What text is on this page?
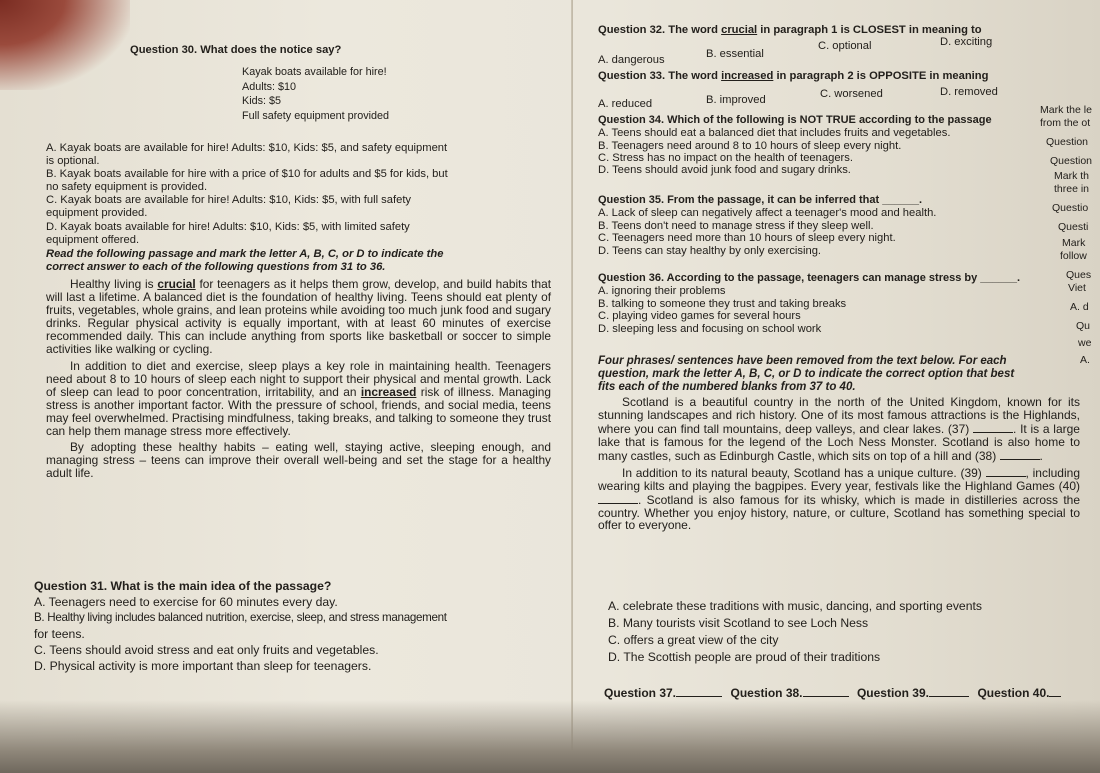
Question 30. What does the notice say?

Kayak boats available for hire!
Adults: $10
Kids: $5
Full safety equipment provided

A. Kayak boats are available for hire! Adults: $10, Kids: $5, and safety equipment

is optional.

B. Kayak boats available for hire with a price of $10 for adults and $5 for kids, but

no safety equipment is provided.

C. Kayak boats are available for hire! Adults: $10, Kids: $5, with full safety

equipment provided.

D. Kayak boats available for hire! Adults: $10, Kids: $5, with limited safety

equipment offered.

Read the following passage and mark the letter A, B, C, or D to indicate the

correct answer to each of the following questions from 31 to 36.

Healthy living is crucial for teenagers as it helps them grow, develop, and build habits that will last a lifetime. A balanced diet is the foundation of healthy living. Teens should eat plenty of fruits, vegetables, whole grains, and lean proteins while avoiding too much junk food and sugary drinks. Regular physical activity is equally important, with at least 60 minutes of exercise recommended daily. This can include anything from sports like basketball or soccer to simple activities like walking or cycling.

In addition to diet and exercise, sleep plays a key role in maintaining health. Teenagers need about 8 to 10 hours of sleep each night to support their physical and mental growth. Lack of sleep can lead to poor concentration, irritability, and an increased risk of illness. Managing stress is another important factor. With the pressure of school, friends, and social media, teens may feel overwhelmed. Practising mindfulness, taking breaks, and talking to someone they trust can help them manage stress more effectively.

By adopting these healthy habits – eating well, staying active, sleeping enough, and managing stress – teens can improve their overall well-being and set the stage for a healthy adult life.

Question 31. What is the main idea of the passage?

A. Teenagers need to exercise for 60 minutes every day.

B. Healthy living includes balanced nutrition, exercise, sleep, and stress management

for teens.

C. Teens should avoid stress and eat only fruits and vegetables.

D. Physical activity is more important than sleep for teenagers.

Question 32. The word crucial in paragraph 1 is CLOSEST in meaning to

A. dangerous	B. essential
C. optional	D. exciting

Question 33. The word increased in paragraph 2 is OPPOSITE in meaning

A. reduced	B. improved	C. worsened	D. removed

Question 34. Which of the following is NOT TRUE according to the passage

A. Teens should eat a balanced diet that includes fruits and vegetables.

B. Teenagers need around 8 to 10 hours of sleep every night.

C. Stress has no impact on the health of teenagers.

D. Teens should avoid junk food and sugary drinks.

Question 35. From the passage, it can be inferred that ______.

A. Lack of sleep can negatively affect a teenager's mood and health.

B. Teens don't need to manage stress if they sleep well.

C. Teenagers need more than 10 hours of sleep every night.

D. Teens can stay healthy by only exercising.

Question 36. According to the passage, teenagers can manage stress by ______.

A. ignoring their problems

B. talking to someone they trust and taking breaks

C. playing video games for several hours

D. sleeping less and focusing on school work

Four phrases/ sentences have been removed from the text below. For each

question, mark the letter A, B, C, or D to indicate the correct option that best

fits each of the numbered blanks from 37 to 40.

Scotland is a beautiful country in the north of the United Kingdom, known for its stunning landscapes and rich history. One of its most famous attractions is the Highlands, where you can find tall mountains, deep valleys, and clear lakes. (37)	. It is a large lake that is famous for the legend of the Loch Ness Monster. Scotland is also home to many castles, such as Edinburgh Castle, which sits on top of a hill and (38)	.

In addition to its natural beauty, Scotland has a unique culture. (39)	, including wearing kilts and playing the bagpipes. Every year, festivals like the Highland Games (40) . Scotland is also famous for its whisky, which is made in distilleries across the country. Whether you enjoy history, nature, or culture, Scotland has something special to offer to everyone.

A. celebrate these traditions with music, dancing, and sporting events

B. Many tourists visit Scotland to see Loch Ness

C. offers a great view of the city

D. The Scottish people are proud of their traditions

Question 37.	Question 38.	Question 39.	Question 40.
Mark the le
from the ot
Question
Question
Mark th
three in
Questio
Questi
Mark
follow
Ques
Viet
A. d
Qu
we
A.
